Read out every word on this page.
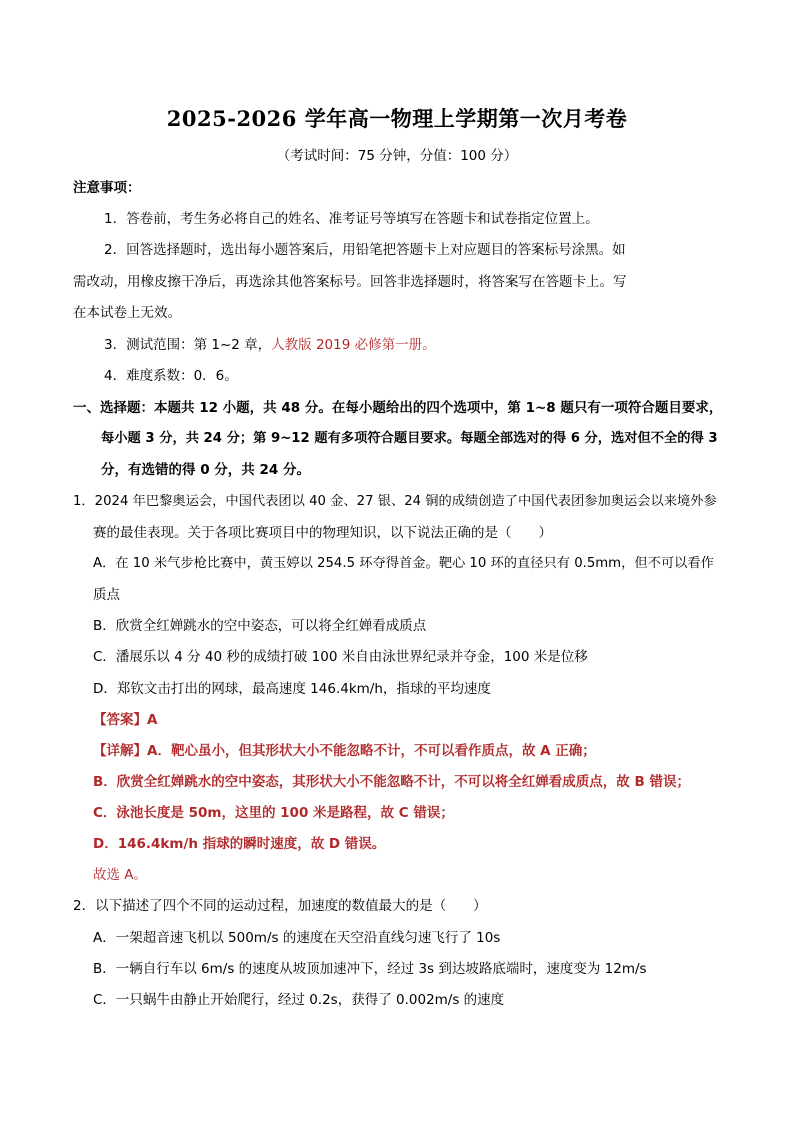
2025-2026 学年高一物理上学期第一次月考卷
（考试时间：75 分钟，分值：100 分）
注意事项：
1．答卷前，考生务必将自己的姓名、准考证号等填写在答题卡和试卷指定位置上。
2．回答选择题时，选出每小题答案后，用铅笔把答题卡上对应题目的答案标号涂黑。如
需改动，用橡皮擦干净后，再选涂其他答案标号。回答非选择题时，将答案写在答题卡上。写
在本试卷上无效。
3．测试范围：第 1~2 章，人教版 2019 必修第一册。
4．难度系数：0．6。
一、选择题：本题共 12 小题，共 48 分。在每小题给出的四个选项中，第 1~8 题只有一项符合题目要求，
每小题 3 分，共 24 分；第 9~12 题有多项符合题目要求。每题全部选对的得 6 分，选对但不全的得 3
分，有选错的得 0 分，共 24 分。
1．2024 年巴黎奥运会，中国代表团以 40 金、27 银、24 铜的成绩创造了中国代表团参加奥运会以来境外参
赛的最佳表现。关于各项比赛项目中的物理知识，以下说法正确的是（　　）
A．在 10 米气步枪比赛中，黄玉婷以 254.5 环夺得首金。靶心 10 环的直径只有 0.5mm，但不可以看作
质点
B．欣赏全红婵跳水的空中姿态，可以将全红婵看成质点
C．潘展乐以 4 分 40 秒的成绩打破 100 米自由泳世界纪录并夺金，100 米是位移
D．郑钦文击打出的网球，最高速度 146.4km/h，指球的平均速度
【答案】A
【详解】A．靶心虽小，但其形状大小不能忽略不计，不可以看作质点，故 A 正确；
B．欣赏全红婵跳水的空中姿态，其形状大小不能忽略不计，不可以将全红婵看成质点，故 B 错误；
C．泳池长度是 50m，这里的 100 米是路程，故 C 错误；
D．146.4km/h 指球的瞬时速度，故 D 错误。
故选 A。
2．以下描述了四个不同的运动过程，加速度的数值最大的是（　　）
A．一架超音速飞机以 500m/s 的速度在天空沿直线匀速飞行了 10s
B．一辆自行车以 6m/s 的速度从坡顶加速冲下，经过 3s 到达坡路底端时，速度变为 12m/s
C．一只蜗牛由静止开始爬行，经过 0.2s，获得了 0.002m/s 的速度
